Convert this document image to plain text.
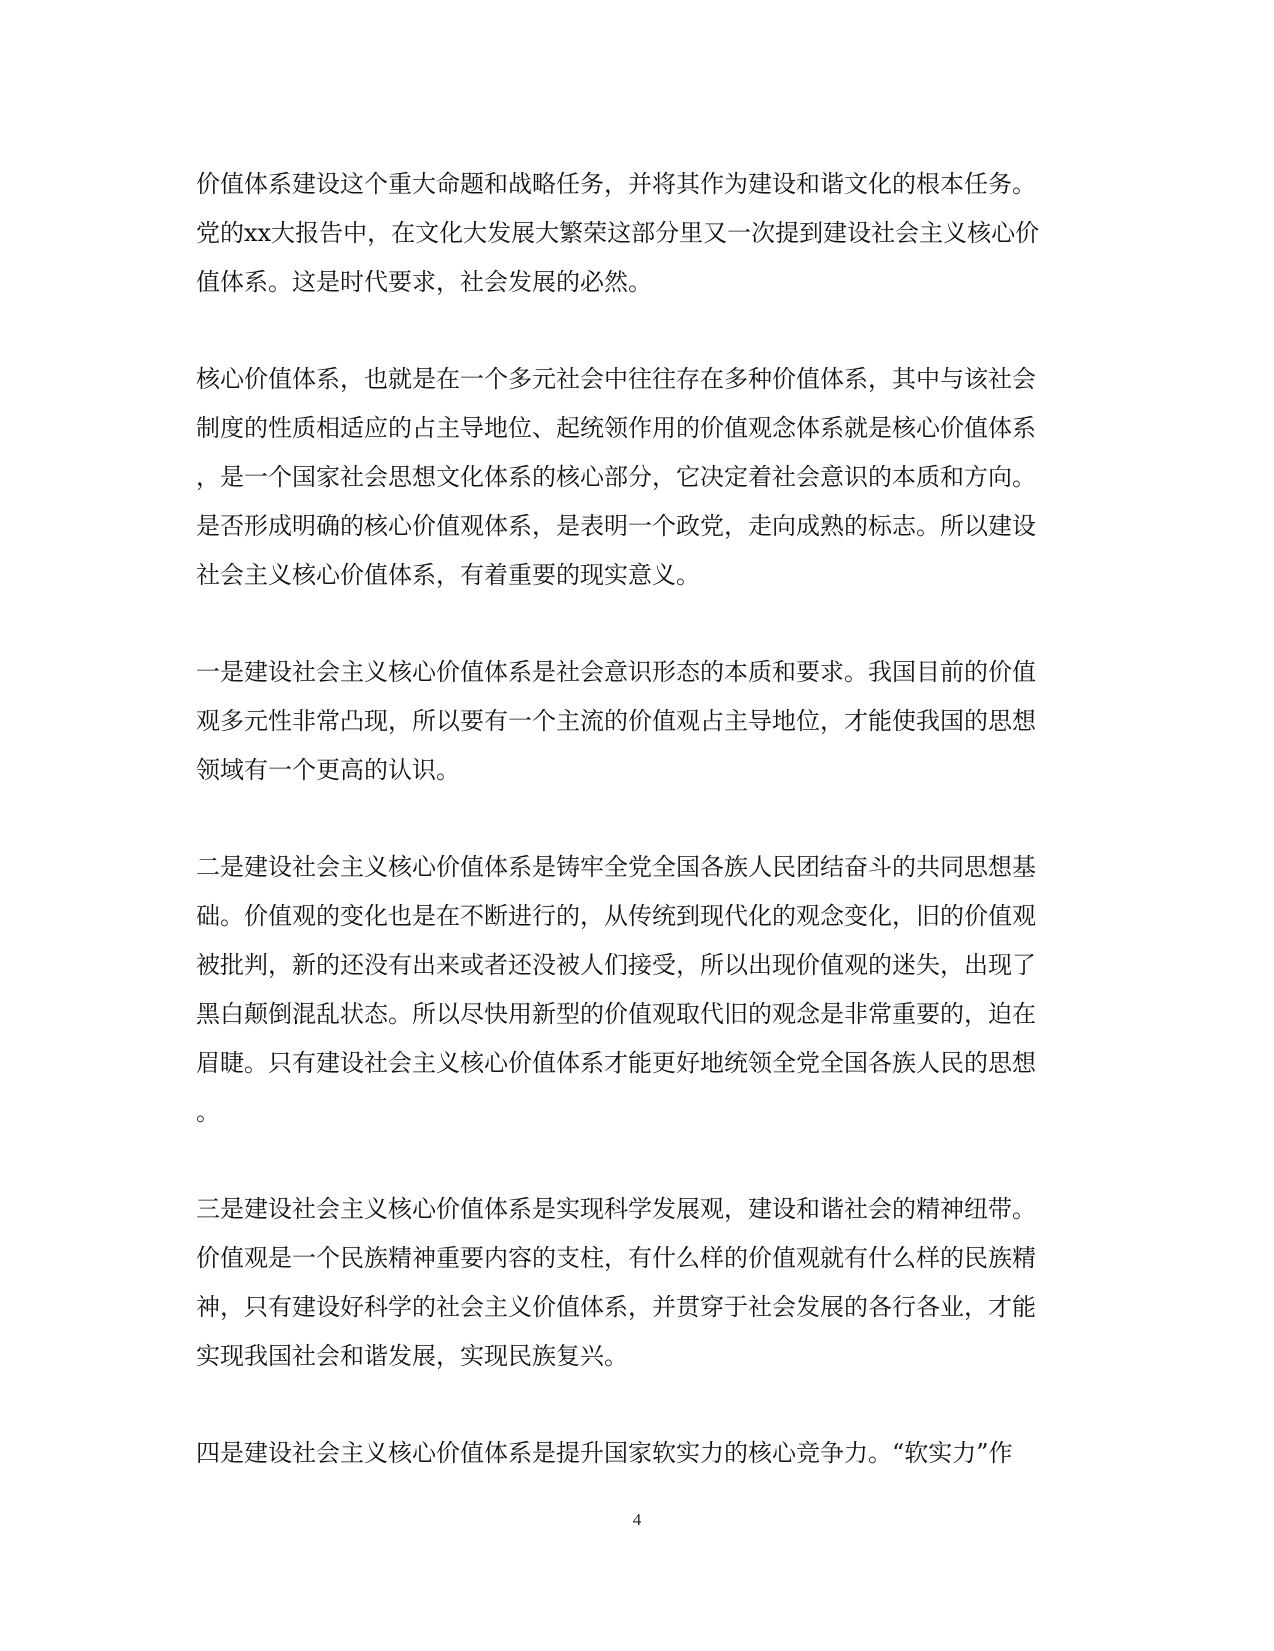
价值体系建设这个重大命题和战略任务，并将其作为建设和谐文化的根本任务。
党的xx大报告中，在文化大发展大繁荣这部分里又一次提到建设社会主义核心价
值体系。这是时代要求，社会发展的必然。

核心价值体系，也就是在一个多元社会中往往存在多种价值体系，其中与该社会
制度的性质相适应的占主导地位、起统领作用的价值观念体系就是核心价值体系
，是一个国家社会思想文化体系的核心部分，它决定着社会意识的本质和方向。
是否形成明确的核心价值观体系，是表明一个政党，走向成熟的标志。所以建设
社会主义核心价值体系，有着重要的现实意义。

一是建设社会主义核心价值体系是社会意识形态的本质和要求。我国目前的价值
观多元性非常凸现，所以要有一个主流的价值观占主导地位，才能使我国的思想
领域有一个更高的认识。

二是建设社会主义核心价值体系是铸牢全党全国各族人民团结奋斗的共同思想基
础。价值观的变化也是在不断进行的，从传统到现代化的观念变化，旧的价值观
被批判，新的还没有出来或者还没被人们接受，所以出现价值观的迷失，出现了
黑白颠倒混乱状态。所以尽快用新型的价值观取代旧的观念是非常重要的，迫在
眉睫。只有建设社会主义核心价值体系才能更好地统领全党全国各族人民的思想
。

三是建设社会主义核心价值体系是实现科学发展观，建设和谐社会的精神纽带。
价值观是一个民族精神重要内容的支柱，有什么样的价值观就有什么样的民族精
神，只有建设好科学的社会主义价值体系，并贯穿于社会发展的各行各业，才能
实现我国社会和谐发展，实现民族复兴。

四是建设社会主义核心价值体系是提升国家软实力的核心竞争力。“软实力”作

4
